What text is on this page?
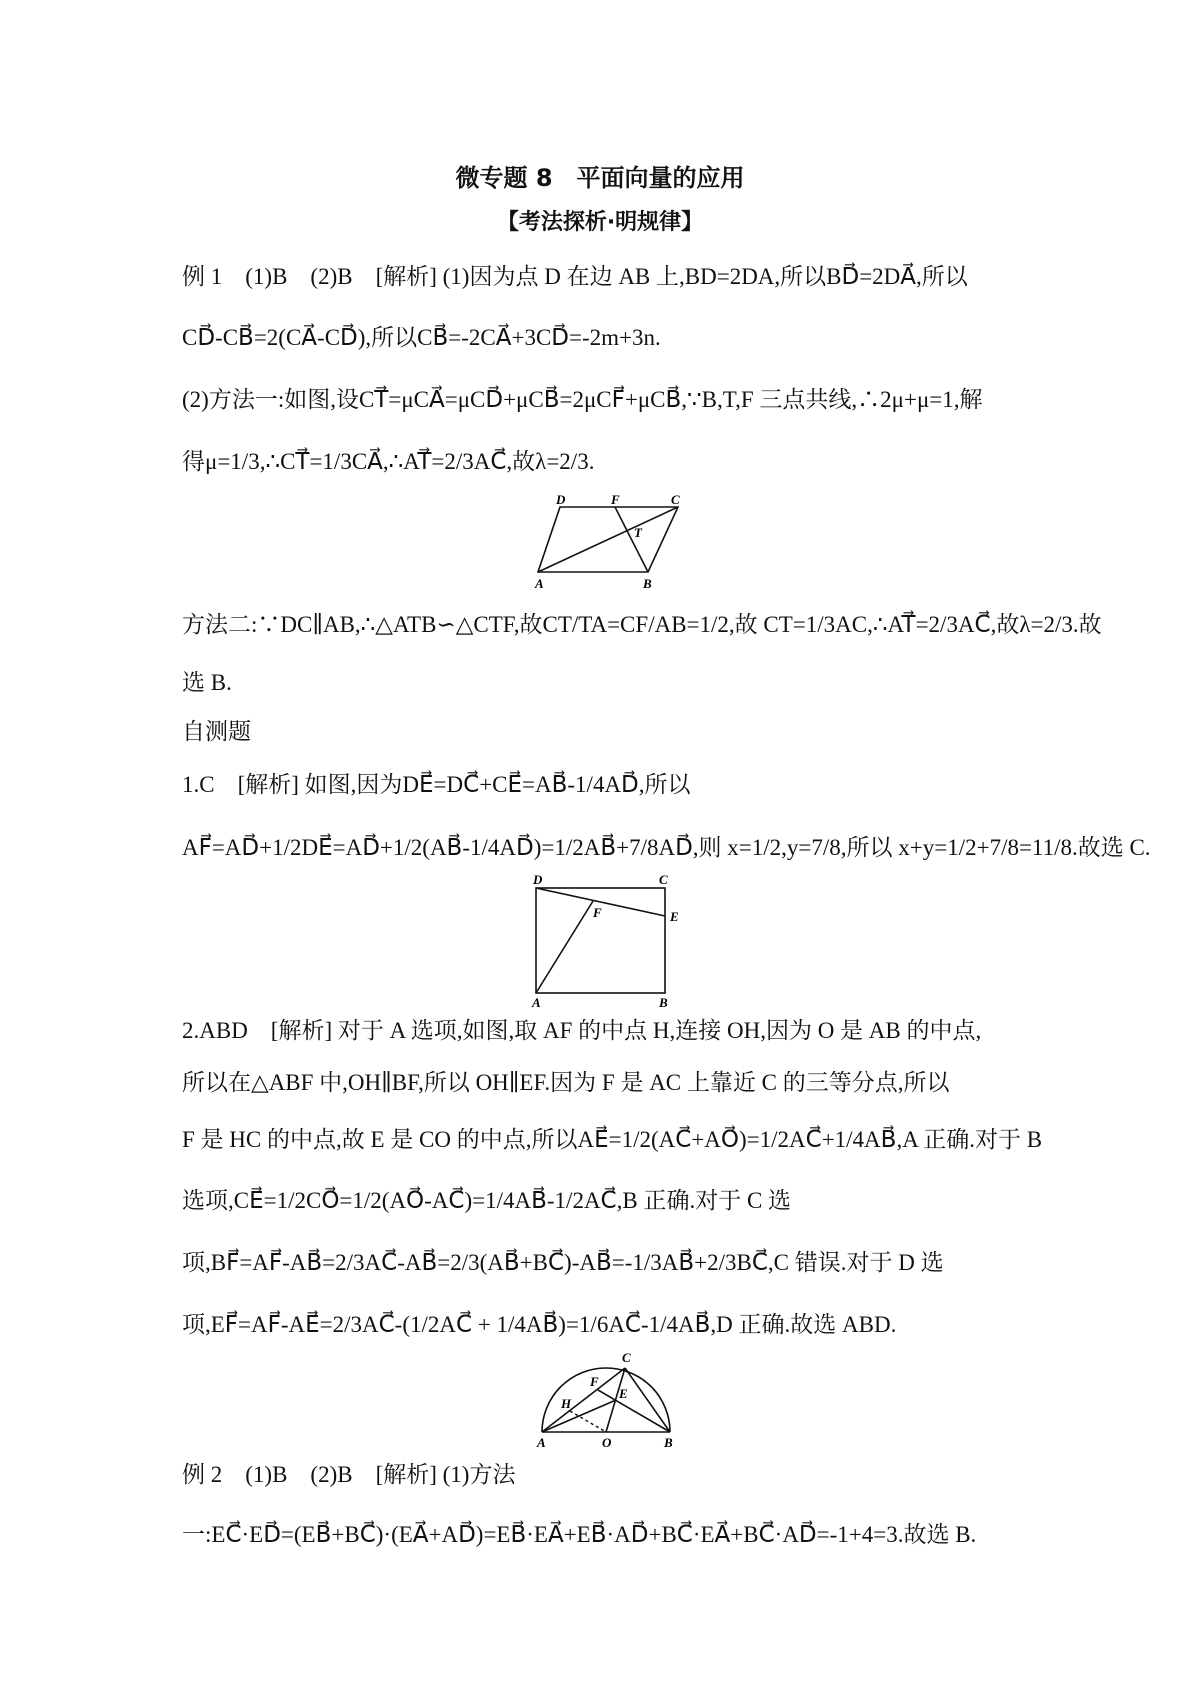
微专题 8　平面向量的应用
【考法探析·明规律】
例 1　(1)B　(2)B　[解析] (1)因为点 D 在边 AB 上,BD=2DA,所以BD⃗=2DA⃗,所以
CD⃗-CB⃗=2(CA⃗-CD⃗),所以CB⃗=-2CA⃗+3CD⃗=-2m+3n.
(2)方法一:如图,设CT⃗=μCA⃗=μCD⃗+μCB⃗=2μCF⃗+μCB⃗,∵B,T,F 三点共线,∴2μ+μ=1,解
得μ=1/3,∴CT⃗=1/3CA⃗,∴AT⃗=2/3AC⃗,故λ=2/3.
D	F	C
T
A	B
方法二:∵DC∥AB,∴△ATB∽△CTF,故CT/TA=CF/AB=1/2,故 CT=1/3AC,∴AT⃗=2/3AC⃗,故λ=2/3.故
选 B.
自测题
1.C　[解析] 如图,因为DE⃗=DC⃗+CE⃗=AB⃗-1/4AD⃗,所以
AF⃗=AD⃗+1/2DE⃗=AD⃗+1/2(AB⃗-1/4AD⃗)=1/2AB⃗+7/8AD⃗,则 x=1/2,y=7/8,所以 x+y=1/2+7/8=11/8.故选 C.
D	C
F	E
A	B
2.ABD　[解析] 对于 A 选项,如图,取 AF 的中点 H,连接 OH,因为 O 是 AB 的中点,
所以在△ABF 中,OH∥BF,所以 OH∥EF.因为 F 是 AC 上靠近 C 的三等分点,所以
F 是 HC 的中点,故 E 是 CO 的中点,所以AE⃗=1/2(AC⃗+AO⃗)=1/2AC⃗+1/4AB⃗,A 正确.对于 B
选项,CE⃗=1/2CO⃗=1/2(AO⃗-AC⃗)=1/4AB⃗-1/2AC⃗,B 正确.对于 C 选
项,BF⃗=AF⃗-AB⃗=2/3AC⃗-AB⃗=2/3(AB⃗+BC⃗)-AB⃗=-1/3AB⃗+2/3BC⃗,C 错误.对于 D 选
项,EF⃗=AF⃗-AE⃗=2/3AC⃗-(1/2AC⃗ + 1/4AB⃗)=1/6AC⃗-1/4AB⃗,D 正确.故选 ABD.
C
F
E
H
A	O	B
例 2　(1)B　(2)B　[解析] (1)方法
一:EC⃗·ED⃗=(EB⃗+BC⃗)·(EA⃗+AD⃗)=EB⃗·EA⃗+EB⃗·AD⃗+BC⃗·EA⃗+BC⃗·AD⃗=-1+4=3.故选 B.
